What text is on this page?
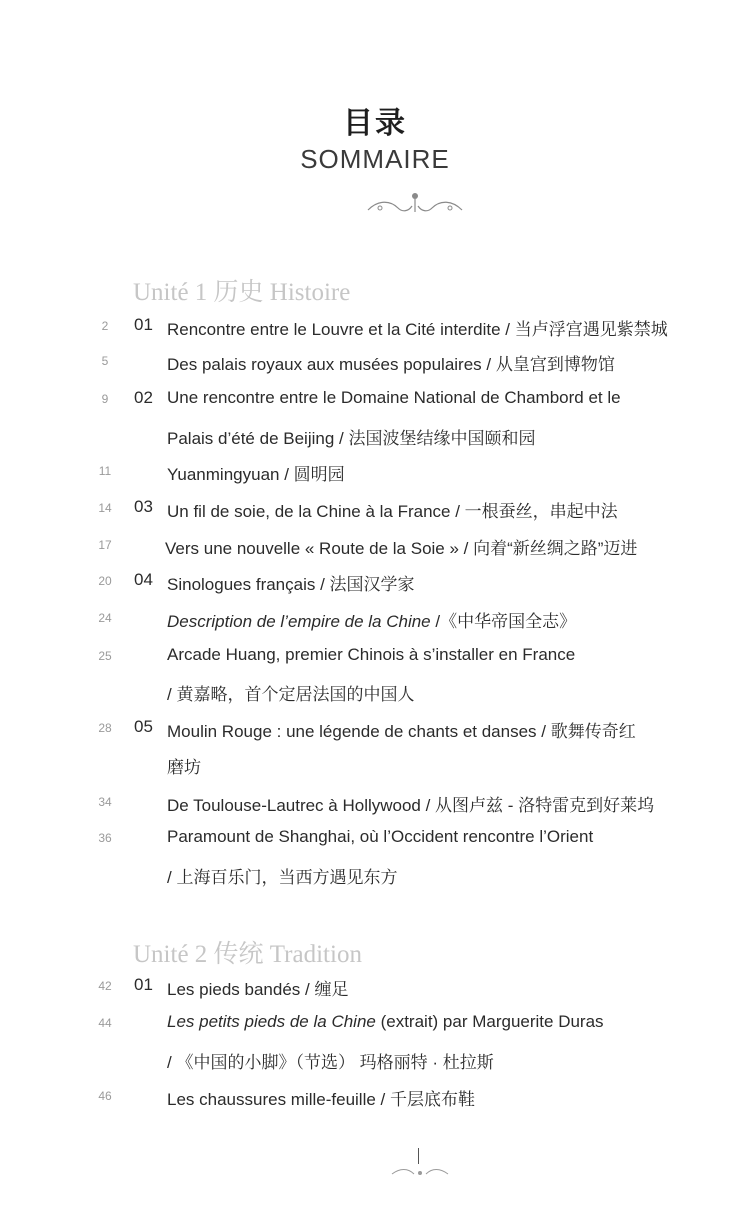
目录
SOMMAIRE
Unité 1 历史 Histoire
2	01 Rencontre entre le Louvre et la Cité interdite / 当卢浮宫遇见紫禁城
5	Des palais royaux aux musées populaires / 从皇宫到博物馆
9	02 Une rencontre entre le Domaine National de Chambord et le
Palais d’été de Beijing / 法国波堡结缘中国颐和园
11	Yuanmingyuan / 圆明园
14 03 Un fil de soie, de la Chine à la France / 一根蚕丝，串起中法
17	Vers une nouvelle « Route de la Soie » / 向着“新丝绸之路”迈进
20 04 Sinologues français / 法国汉学家
24	Description de l’empire de la Chine /《中华帝国全志》
25	Arcade Huang, premier Chinois à s’installer en France
/ 黄嘉略，首个定居法国的中国人
28 05 Moulin Rouge : une légende de chants et danses / 歌舞传奇红
磨坊
34	De Toulouse-Lautrec à Hollywood / 从图卢兹 - 洛特雷克到好莱坞
36	Paramount de Shanghai, où l’Occident rencontre l’Orient
/ 上海百乐门，当西方遇见东方
Unité 2 传统 Tradition
42 01 Les pieds bandés / 缠足
44	Les petits pieds de la Chine (extrait) par Marguerite Duras
/ 《中国的小脚》（节选） 玛格丽特 · 杜拉斯
46	Les chaussures mille-feuille / 千层底布鞋
